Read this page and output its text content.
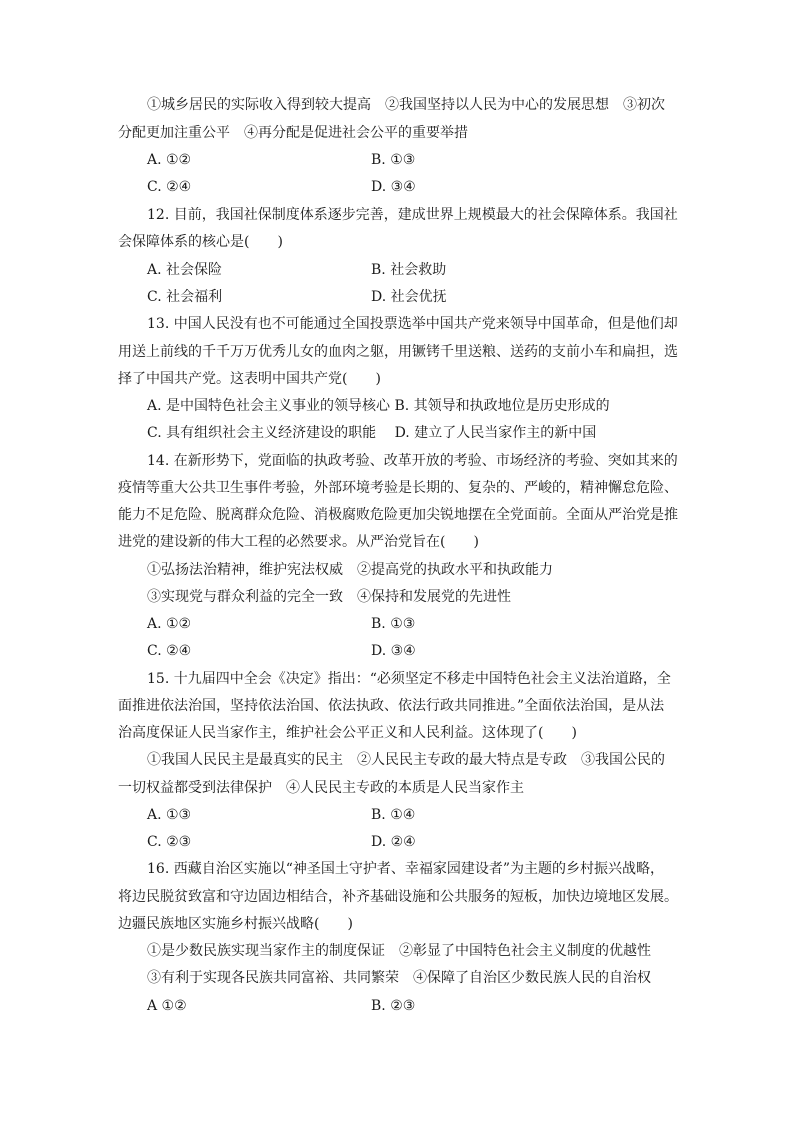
①城乡居民的实际收入得到较大提高　②我国坚持以人民为中心的发展思想　③初次
分配更加注重公平　④再分配是促进社会公平的重要举措
A. ①②	B. ①③
C. ②④	D. ③④
12. 目前，我国社保制度体系逐步完善，建成世界上规模最大的社会保障体系。我国社
会保障体系的核心是(　　)
A. 社会保险	B. 社会救助
C. 社会福利	D. 社会优抚
13. 中国人民没有也不可能通过全国投票选举中国共产党来领导中国革命，但是他们却
用送上前线的千千万万优秀儿女的血肉之躯，用镢铐千里送粮、送药的支前小车和扁担，选
择了中国共产党。这表明中国共产党(　　)
A. 是中国特色社会主义事业的领导核心 B. 其领导和执政地位是历史形成的
C. 具有组织社会主义经济建设的职能　 D. 建立了人民当家作主的新中国
14. 在新形势下，党面临的执政考验、改革开放的考验、市场经济的考验、突如其来的
疫情等重大公共卫生事件考验，外部环境考验是长期的、复杂的、严峻的，精神懈怠危险、
能力不足危险、脱离群众危险、消极腐败危险更加尖锐地摆在全党面前。全面从严治党是推
进党的建设新的伟大工程的必然要求。从严治党旨在(　　)
①弘扬法治精神，维护宪法权威　②提高党的执政水平和执政能力
③实现党与群众利益的完全一致　④保持和发展党的先进性
A. ①②	B. ①③
C. ②④	D. ③④
15. 十九届四中全会《决定》指出：“必须坚定不移走中国特色社会主义法治道路，全
面推进依法治国，坚持依法治国、依法执政、依法行政共同推进。”全面依法治国，是从法
治高度保证人民当家作主，维护社会公平正义和人民利益。这体现了(　　)
①我国人民民主是最真实的民主　②人民民主专政的最大特点是专政　③我国公民的
一切权益都受到法律保护　④人民民主专政的本质是人民当家作主
A. ①③	B. ①④
C. ②③	D. ②④
16. 西藏自治区实施以“神圣国土守护者、幸福家园建设者”为主题的乡村振兴战略，
将边民脱贫致富和守边固边相结合，补齐基础设施和公共服务的短板，加快边境地区发展。
边疆民族地区实施乡村振兴战略(　　)
①是少数民族实现当家作主的制度保证　②彰显了中国特色社会主义制度的优越性
③有利于实现各民族共同富裕、共同繁荣　④保障了自治区少数民族人民的自治权
A ①②	B. ②③
